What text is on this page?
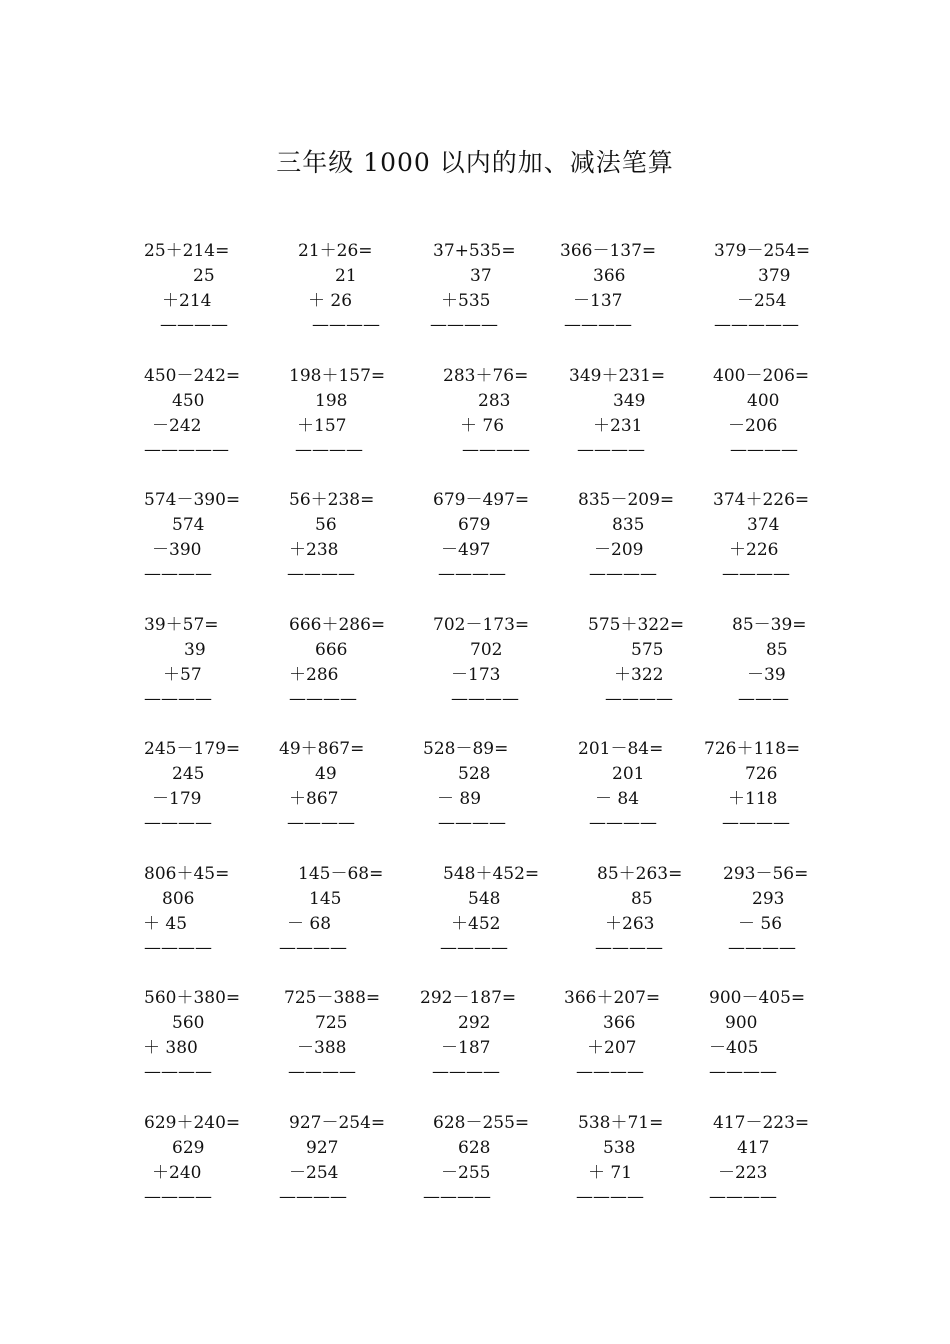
三年级 1000 以内的加、减法笔算
25＋214=
25
＋214
————
21＋26=
21
＋ 26
————
37+535=
37
＋535
————
366－137=
366
－137
————
379－254=
379
－254
—————
450－242=
450
－242
—————
198＋157=
198
＋157
————
283＋76=
283
＋ 76
————
349＋231=
349
＋231
————
400－206=
400
－206
————
574－390=
574
－390
————
56＋238=
56
＋238
————
679－497=
679
－497
————
835－209=
835
－209
————
374＋226=
374
＋226
————
39＋57=
39
＋57
————
666＋286=
666
＋286
————
702－173=
702
－173
————
575＋322=
575
＋322
————
85－39=
85
－39
———
245－179=
245
－179
————
49＋867=
49
＋867
————
528－89=
528
－ 89
————
201－84=
201
－ 84
————
726＋118=
726
＋118
————
806＋45=
806
＋ 45
————
145－68=
145
－ 68
————
548＋452=
548
＋452
————
85＋263=
85
＋263
————
293－56=
293
－ 56
————
560＋380=
560
＋ 380
————
725－388=
725
－388
————
292－187=
292
－187
————
366＋207=
366
＋207
————
900－405=
900
－405
————
629＋240=
629
＋240
————
927－254=
927
－254
————
628－255=
628
－255
————
538＋71=
538
＋ 71
————
417－223=
417
－223
————
